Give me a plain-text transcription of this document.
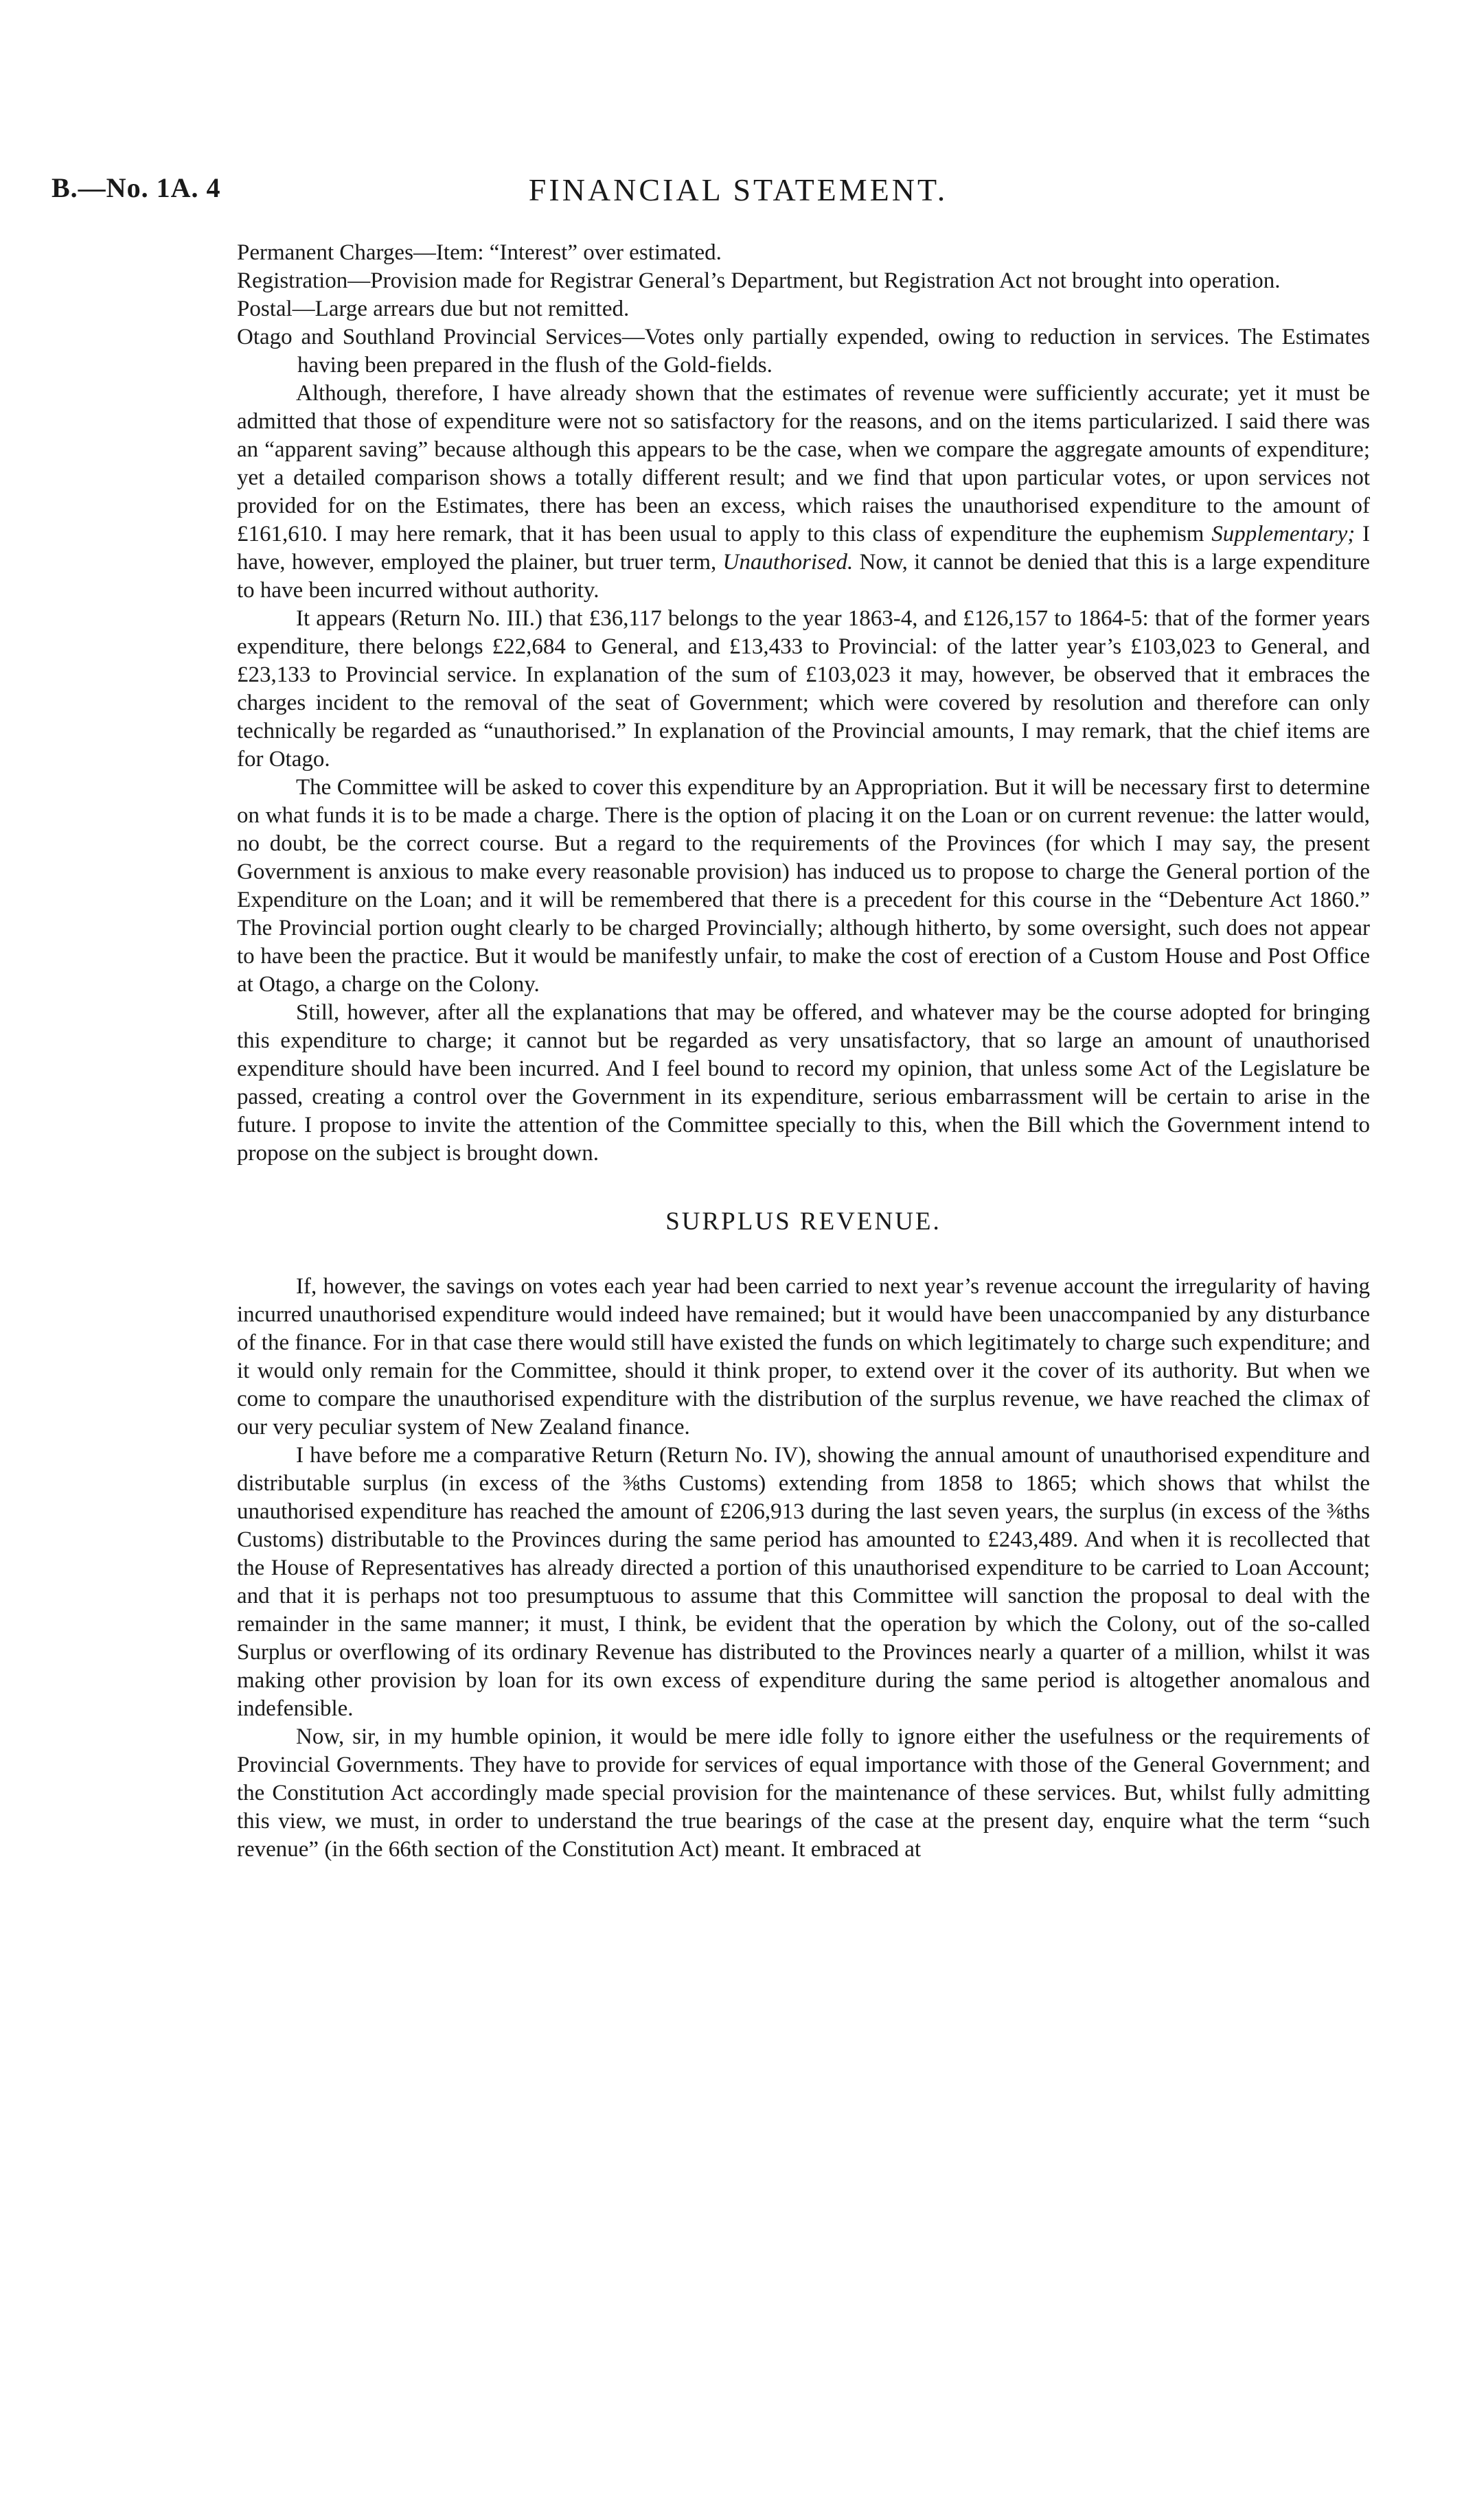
B.—No. 1A. 4	FINANCIAL STATEMENT.

Permanent Charges—Item: “Interest” over estimated.

Registration—Provision made for Registrar General’s Department, but Registration Act not brought into operation.

Postal—Large arrears due but not remitted.

Otago and Southland Provincial Services—Votes only partially expended, owing to reduction in services. The Estimates having been prepared in the flush of the Gold-fields.

Although, therefore, I have already shown that the estimates of revenue were sufficiently accurate; yet it must be admitted that those of expenditure were not so satisfactory for the reasons, and on the items particularized. I said there was an “apparent saving” because although this appears to be the case, when we compare the aggregate amounts of expenditure; yet a detailed comparison shows a totally different result; and we find that upon particular votes, or upon services not provided for on the Estimates, there has been an excess, which raises the unauthorised expenditure to the amount of £161,610. I may here remark, that it has been usual to apply to this class of expenditure the euphemism Supplementary; I have, however, employed the plainer, but truer term, Unauthorised. Now, it cannot be denied that this is a large expenditure to have been incurred without authority.

It appears (Return No. III.) that £36,117 belongs to the year 1863-4, and £126,157 to 1864-5: that of the former years expenditure, there belongs £22,684 to General, and £13,433 to Provincial: of the latter year’s £103,023 to General, and £23,133 to Provincial service. In explanation of the sum of £103,023 it may, however, be observed that it embraces the charges incident to the removal of the seat of Government; which were covered by resolution and therefore can only technically be regarded as “unauthorised.” In explanation of the Provincial amounts, I may remark, that the chief items are for Otago.

The Committee will be asked to cover this expenditure by an Appropriation. But it will be necessary first to determine on what funds it is to be made a charge. There is the option of placing it on the Loan or on current revenue: the latter would, no doubt, be the correct course. But a regard to the requirements of the Provinces (for which I may say, the present Government is anxious to make every reasonable provision) has induced us to propose to charge the General portion of the Expenditure on the Loan; and it will be remembered that there is a precedent for this course in the “Debenture Act 1860.” The Provincial portion ought clearly to be charged Provincially; although hitherto, by some oversight, such does not appear to have been the practice. But it would be manifestly unfair, to make the cost of erection of a Custom House and Post Office at Otago, a charge on the Colony.

Still, however, after all the explanations that may be offered, and whatever may be the course adopted for bringing this expenditure to charge; it cannot but be regarded as very unsatisfactory, that so large an amount of unauthorised expenditure should have been incurred. And I feel bound to record my opinion, that unless some Act of the Legislature be passed, creating a control over the Government in its expenditure, serious embarrassment will be certain to arise in the future. I propose to invite the attention of the Committee specially to this, when the Bill which the Government intend to propose on the subject is brought down.

SURPLUS REVENUE.

If, however, the savings on votes each year had been carried to next year’s revenue account the irregularity of having incurred unauthorised expenditure would indeed have remained; but it would have been unaccompanied by any disturbance of the finance. For in that case there would still have existed the funds on which legitimately to charge such expenditure; and it would only remain for the Committee, should it think proper, to extend over it the cover of its authority. But when we come to compare the unauthorised expenditure with the distribution of the surplus revenue, we have reached the climax of our very peculiar system of New Zealand finance.

I have before me a comparative Return (Return No. IV), showing the annual amount of unauthorised expenditure and distributable surplus (in excess of the ⅜ths Customs) extending from 1858 to 1865; which shows that whilst the unauthorised expenditure has reached the amount of £206,913 during the last seven years, the surplus (in excess of the ⅜ths Customs) distributable to the Provinces during the same period has amounted to £243,489. And when it is recollected that the House of Representatives has already directed a portion of this unauthorised expenditure to be carried to Loan Account; and that it is perhaps not too presumptuous to assume that this Committee will sanction the proposal to deal with the remainder in the same manner; it must, I think, be evident that the operation by which the Colony, out of the so-called Surplus or overflowing of its ordinary Revenue has distributed to the Provinces nearly a quarter of a million, whilst it was making other provision by loan for its own excess of expenditure during the same period is altogether anomalous and indefensible.

Now, sir, in my humble opinion, it would be mere idle folly to ignore either the usefulness or the requirements of Provincial Governments. They have to provide for services of equal importance with those of the General Government; and the Constitution Act accordingly made special provision for the maintenance of these services. But, whilst fully admitting this view, we must, in order to understand the true bearings of the case at the present day, enquire what the term “such revenue” (in the 66th section of the Constitution Act) meant. It embraced at
